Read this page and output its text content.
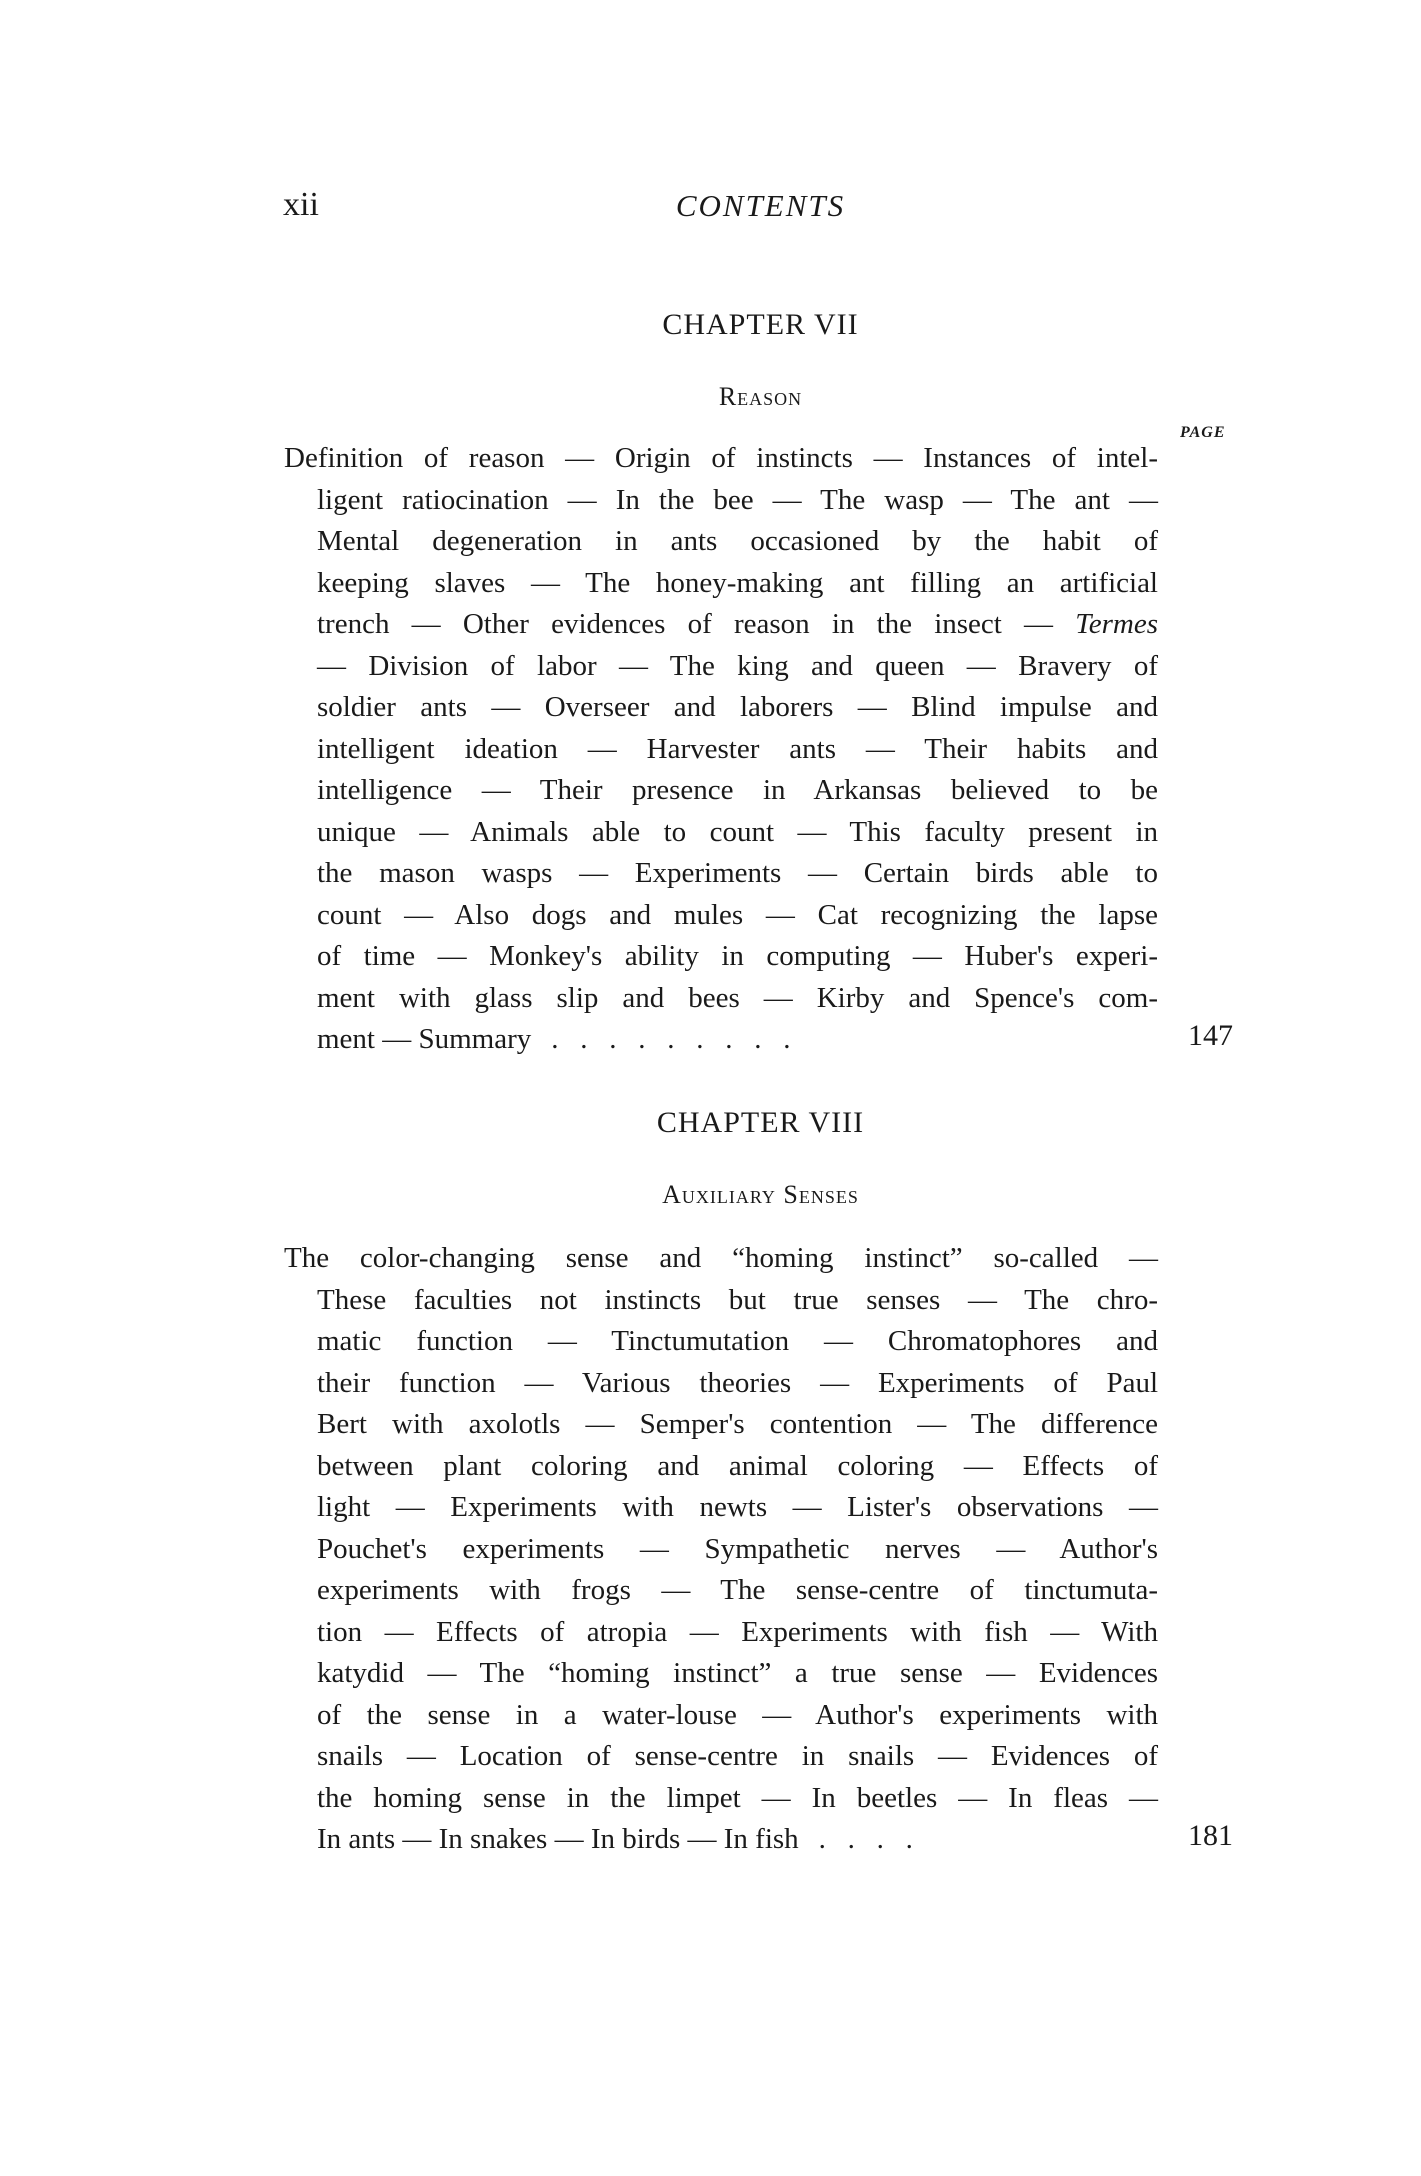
xii	CONTENTS
CHAPTER VII
Reason
PAGE
Definition of reason — Origin of instincts — Instances of intel-
ligent ratiocination — In the bee — The wasp — The ant —
Mental degeneration in ants occasioned by the habit of
keeping slaves — The honey-making ant filling an artificial
trench — Other evidences of reason in the insect — Termes
— Division of labor — The king and queen — Bravery of
soldier ants — Overseer and laborers — Blind impulse and
intelligent ideation — Harvester ants — Their habits and
intelligence — Their presence in Arkansas believed to be
unique — Animals able to count — This faculty present in
the mason wasps — Experiments — Certain birds able to
count — Also dogs and mules — Cat recognizing the lapse
of time — Monkey's ability in computing — Huber's experi-
ment with glass slip and bees — Kirby and Spence's com-
ment — Summary .   .   .   .   .   .   .   .   .	147
CHAPTER VIII
Auxiliary Senses
The color-changing sense and “homing instinct” so-called —
These faculties not instincts but true senses — The chro-
matic function — Tinctumutation — Chromatophores and
their function — Various theories — Experiments of Paul
Bert with axolotls — Semper's contention — The difference
between plant coloring and animal coloring — Effects of
light — Experiments with newts — Lister's observations —
Pouchet's experiments — Sympathetic nerves — Author's
experiments with frogs — The sense-centre of tinctumuta-
tion — Effects of atropia — Experiments with fish — With
katydid — The “homing instinct” a true sense — Evidences
of the sense in a water-louse — Author's experiments with
snails — Location of sense-centre in snails — Evidences of
the homing sense in the limpet — In beetles — In fleas —
In ants — In snakes — In birds — In fish .   .   .   .	181
